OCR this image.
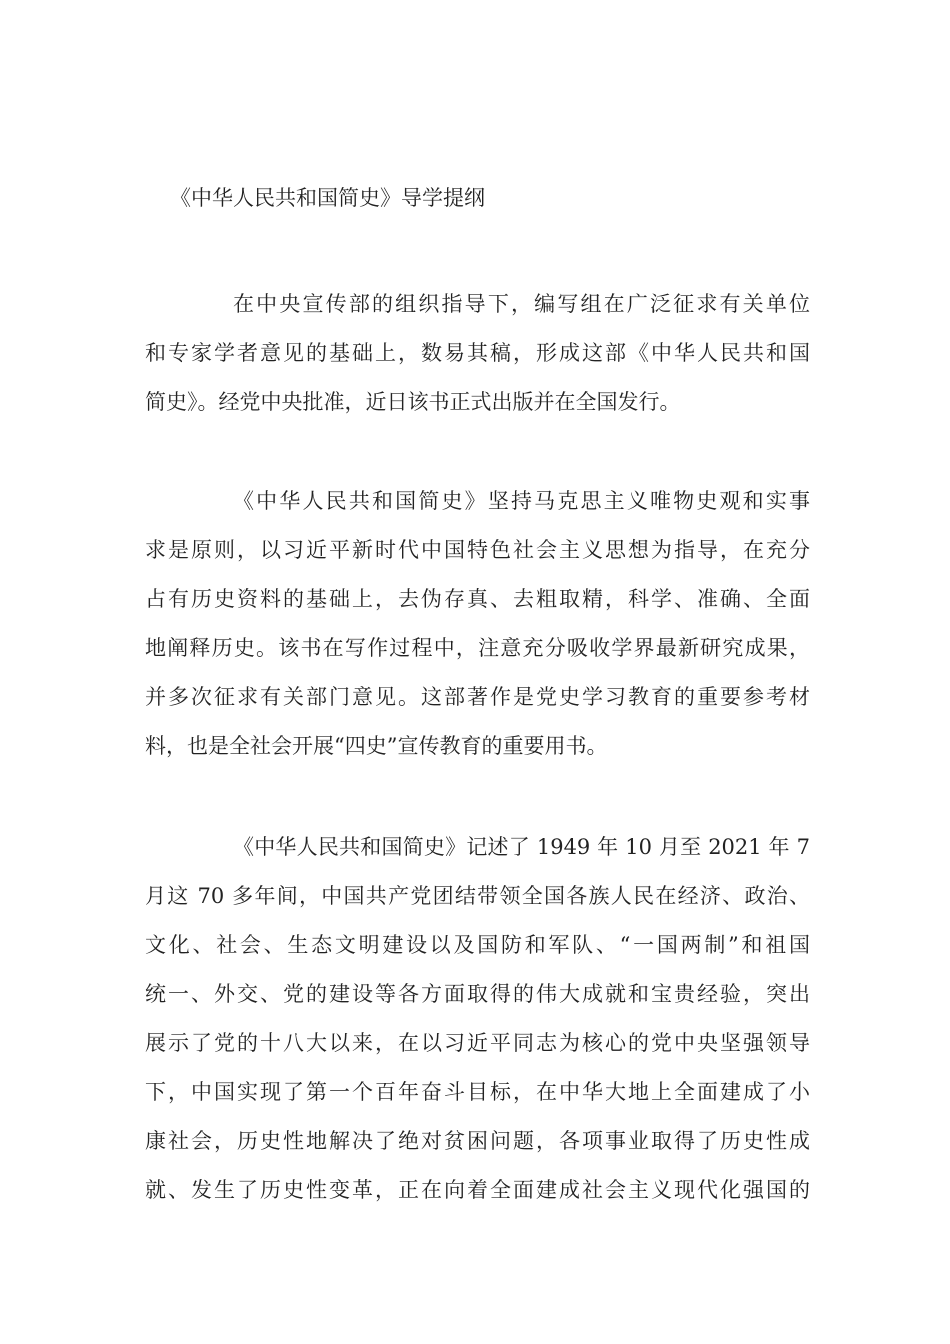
《中华人民共和国简史》导学提纲

在中央宣传部的组织指导下，编写组在广泛征求有关单位
和专家学者意见的基础上，数易其稿，形成这部《中华人民共和国
简史》。经党中央批准，近日该书正式出版并在全国发行。

《中华人民共和国简史》坚持马克思主义唯物史观和实事
求是原则，以习近平新时代中国特色社会主义思想为指导，在充分
占有历史资料的基础上，去伪存真、去粗取精，科学、准确、全面
地阐释历史。该书在写作过程中，注意充分吸收学界最新研究成果，
并多次征求有关部门意见。这部著作是党史学习教育的重要参考材
料，也是全社会开展“四史”宣传教育的重要用书。

《中华人民共和国简史》记述了 1949 年 10 月至 2021 年 7
月这 70 多年间，中国共产党团结带领全国各族人民在经济、政治、
文化、社会、生态文明建设以及国防和军队、“一国两制”和祖国
统一、外交、党的建设等各方面取得的伟大成就和宝贵经验，突出
展示了党的十八大以来，在以习近平同志为核心的党中央坚强领导
下，中国实现了第一个百年奋斗目标，在中华大地上全面建成了小
康社会，历史性地解决了绝对贫困问题，各项事业取得了历史性成
就、发生了历史性变革，正在向着全面建成社会主义现代化强国的
